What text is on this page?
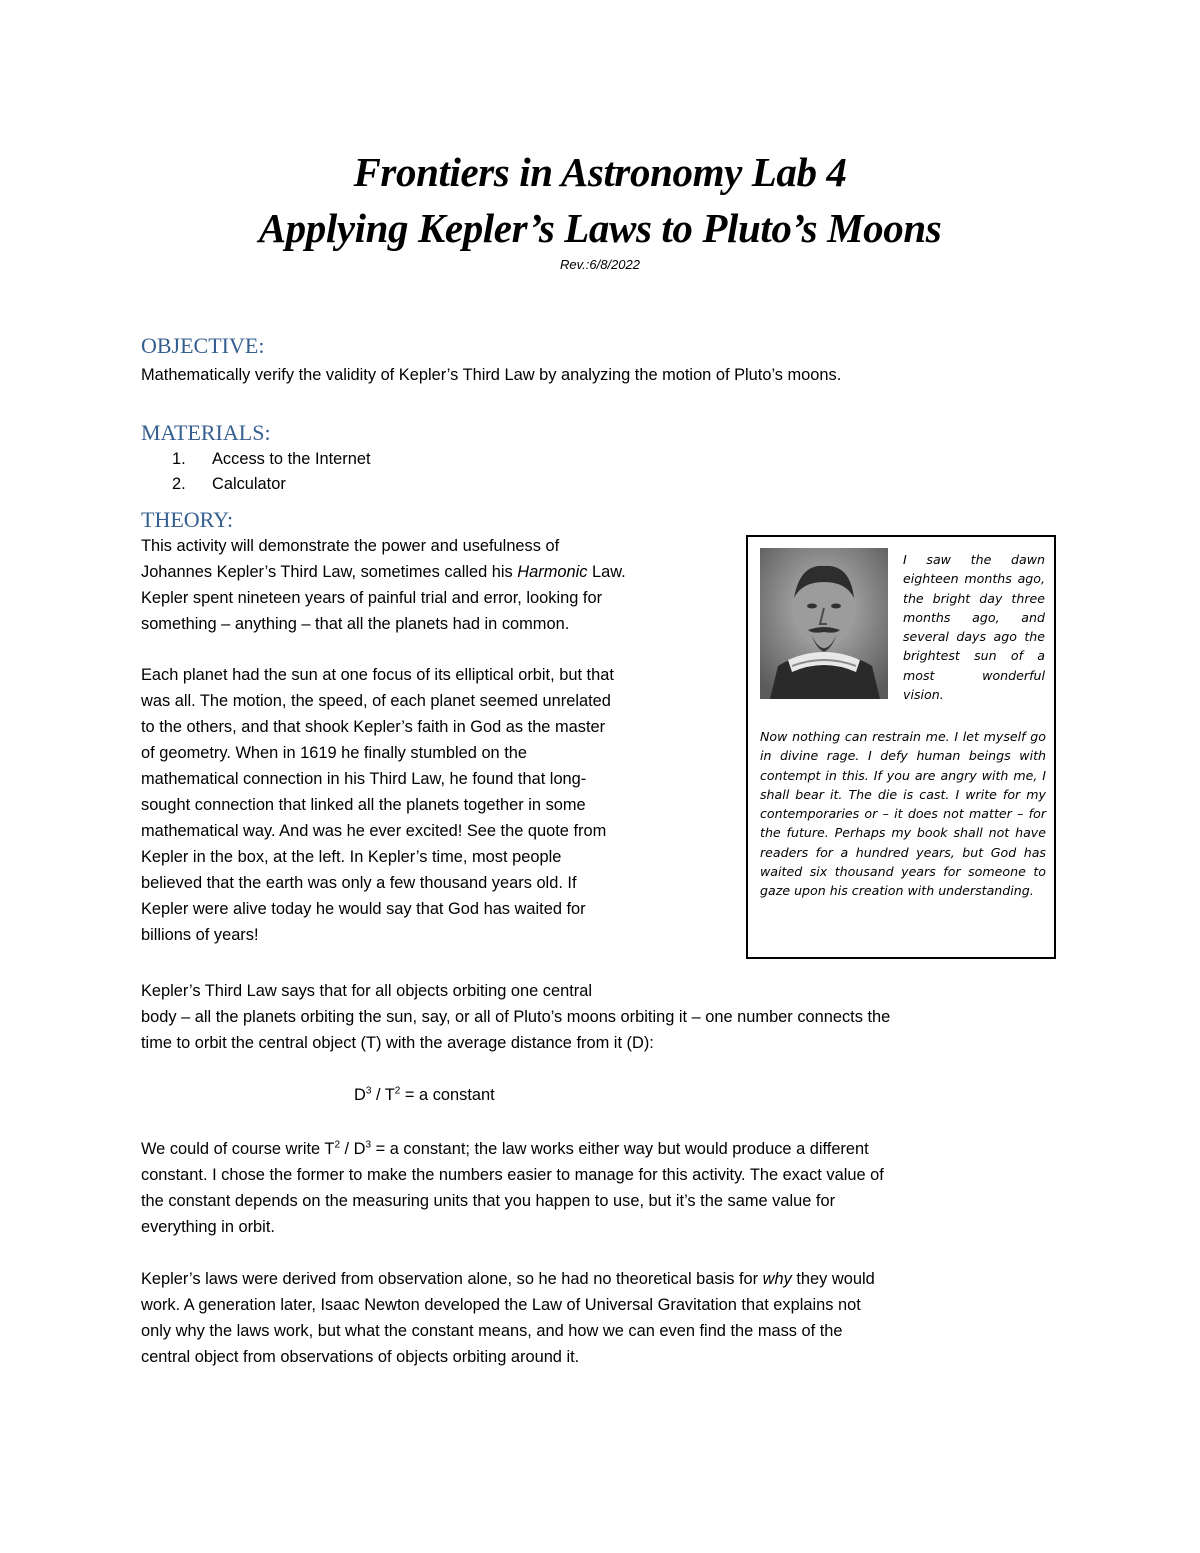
Frontiers in Astronomy Lab 4
Applying Kepler’s Laws to Pluto’s Moons
Rev.:6/8/2022
OBJECTIVE:
Mathematically verify the validity of Kepler’s Third Law by analyzing the motion of Pluto’s moons.
MATERIALS:
1. Access to the Internet
2. Calculator
THEORY:
This activity will demonstrate the power and usefulness of
Johannes Kepler’s Third Law, sometimes called his Harmonic Law.
Kepler spent nineteen years of painful trial and error, looking for
something – anything – that all the planets had in common.
Each planet had the sun at one focus of its elliptical orbit, but that
was all. The motion, the speed, of each planet seemed unrelated
to the others, and that shook Kepler’s faith in God as the master
of geometry. When in 1619 he finally stumbled on the
mathematical connection in his Third Law, he found that long-
sought connection that linked all the planets together in some
mathematical way. And was he ever excited! See the quote from
Kepler in the box, at the left. In Kepler’s time, most people
believed that the earth was only a few thousand years old. If
Kepler were alive today he would say that God has waited for
billions of years!
Kepler’s Third Law says that for all objects orbiting one central
body – all the planets orbiting the sun, say, or all of Pluto’s moons orbiting it – one number connects the
time to orbit the central object (T) with the average distance from it (D):
$D^3 / T^2 = a$ constant
We could of course write $T^2 / D^3 = a$ constant; the law works either way but would produce a different
constant. I chose the former to make the numbers easier to manage for this activity. The exact value of
the constant depends on the measuring units that you happen to use, but it’s the same value for
everything in orbit.
Kepler’s laws were derived from observation alone, so he had no theoretical basis for why they would
work. A generation later, Isaac Newton developed the Law of Universal Gravitation that explains not
only why the laws work, but what the constant means, and how we can even find the mass of the
central object from observations of objects orbiting around it.
I saw the dawn eighteen months ago, the bright day three months ago, and several days ago the brightest sun of a most wonderful vision.
Now nothing can restrain me. I let myself go in divine rage. I defy human beings with contempt in this. If you are angry with me, I shall bear it. The die is cast. I write for my contemporaries or – it does not matter – for the future. Perhaps my book shall not have readers for a hundred years, but God has waited six thousand years for someone to gaze upon his creation with understanding.
